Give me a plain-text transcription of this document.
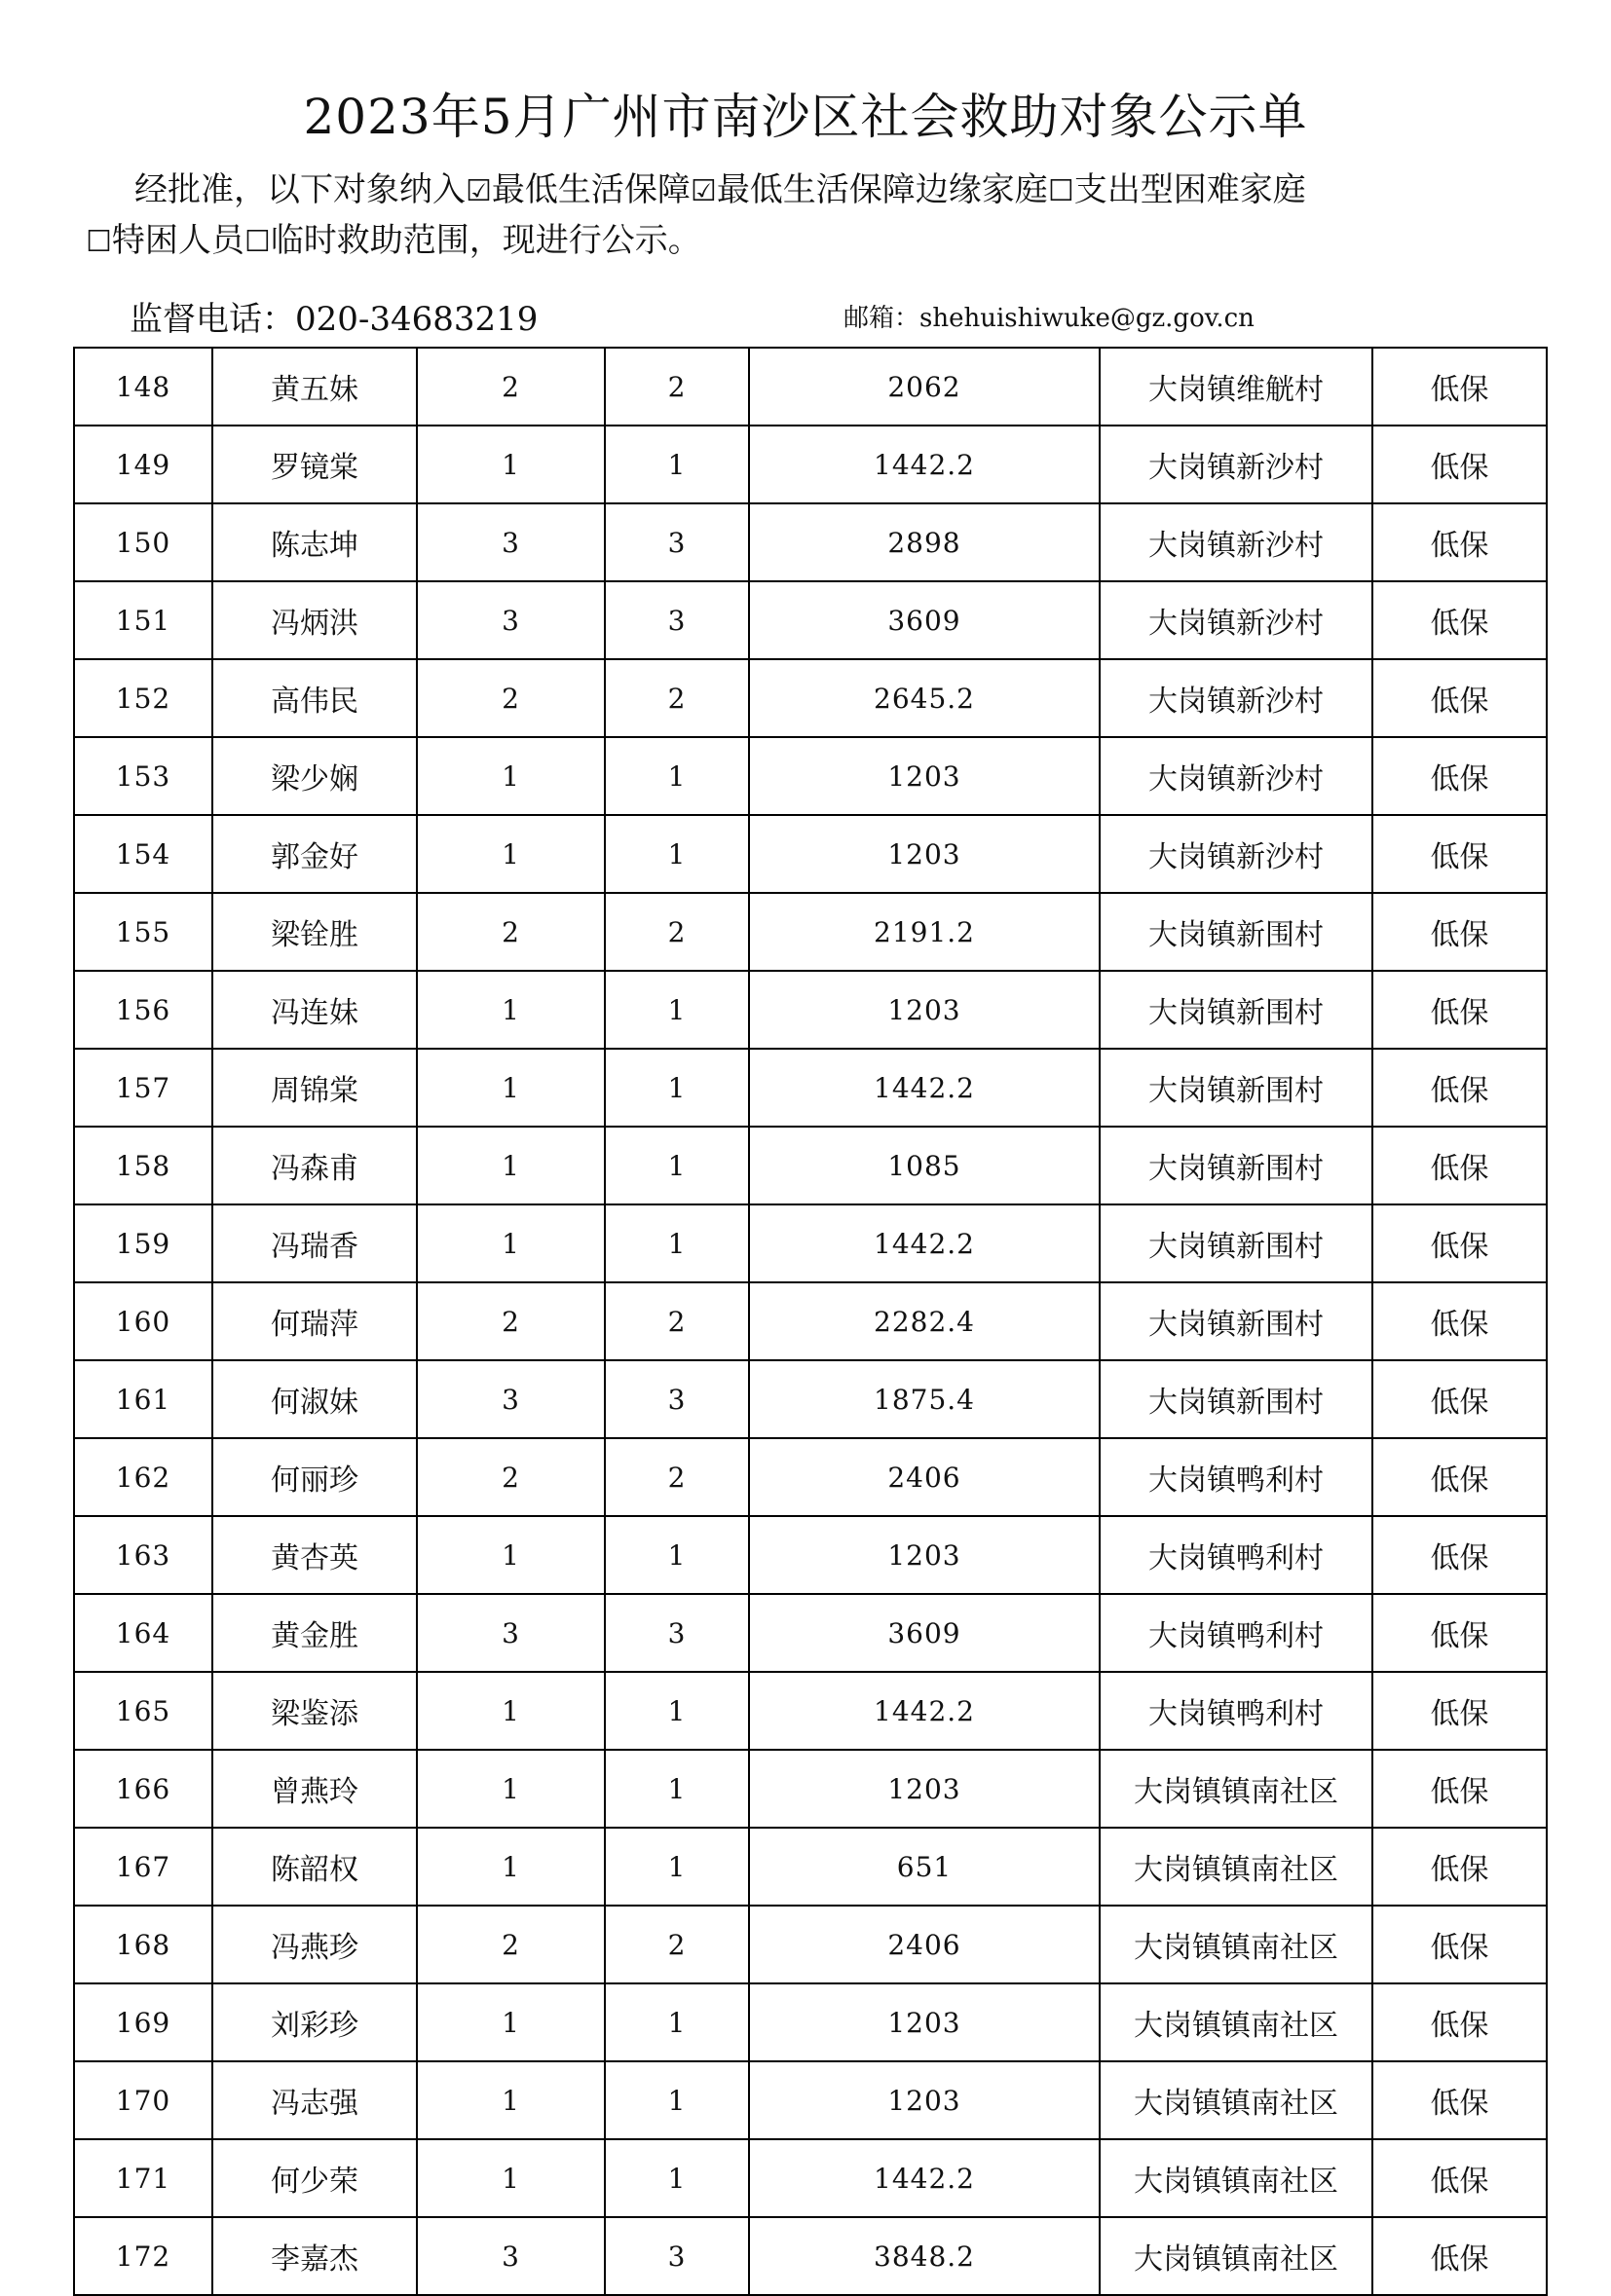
2023年5月广州市南沙区社会救助对象公示单
经批准，以下对象纳入☑最低生活保障☑最低生活保障边缘家庭☐支出型困难家庭
☐特困人员☐临时救助范围，现进行公示。
监督电话：020-34683219	邮箱：shehuishiwuke@gz.gov.cn
148	黄五妹	2	2	2062	大岗镇维觥村	低保
149	罗镜棠	1	1	1442.2	大岗镇新沙村	低保
150	陈志坤	3	3	2898	大岗镇新沙村	低保
151	冯炳洪	3	3	3609	大岗镇新沙村	低保
152	高伟民	2	2	2645.2	大岗镇新沙村	低保
153	梁少娴	1	1	1203	大岗镇新沙村	低保
154	郭金好	1	1	1203	大岗镇新沙村	低保
155	梁铨胜	2	2	2191.2	大岗镇新围村	低保
156	冯连妹	1	1	1203	大岗镇新围村	低保
157	周锦棠	1	1	1442.2	大岗镇新围村	低保
158	冯森甫	1	1	1085	大岗镇新围村	低保
159	冯瑞香	1	1	1442.2	大岗镇新围村	低保
160	何瑞萍	2	2	2282.4	大岗镇新围村	低保
161	何淑妹	3	3	1875.4	大岗镇新围村	低保
162	何丽珍	2	2	2406	大岗镇鸭利村	低保
163	黄杏英	1	1	1203	大岗镇鸭利村	低保
164	黄金胜	3	3	3609	大岗镇鸭利村	低保
165	梁鉴添	1	1	1442.2	大岗镇鸭利村	低保
166	曾燕玲	1	1	1203	大岗镇镇南社区	低保
167	陈韶权	1	1	651	大岗镇镇南社区	低保
168	冯燕珍	2	2	2406	大岗镇镇南社区	低保
169	刘彩珍	1	1	1203	大岗镇镇南社区	低保
170	冯志强	1	1	1203	大岗镇镇南社区	低保
171	何少荣	1	1	1442.2	大岗镇镇南社区	低保
172	李嘉杰	3	3	3848.2	大岗镇镇南社区	低保
